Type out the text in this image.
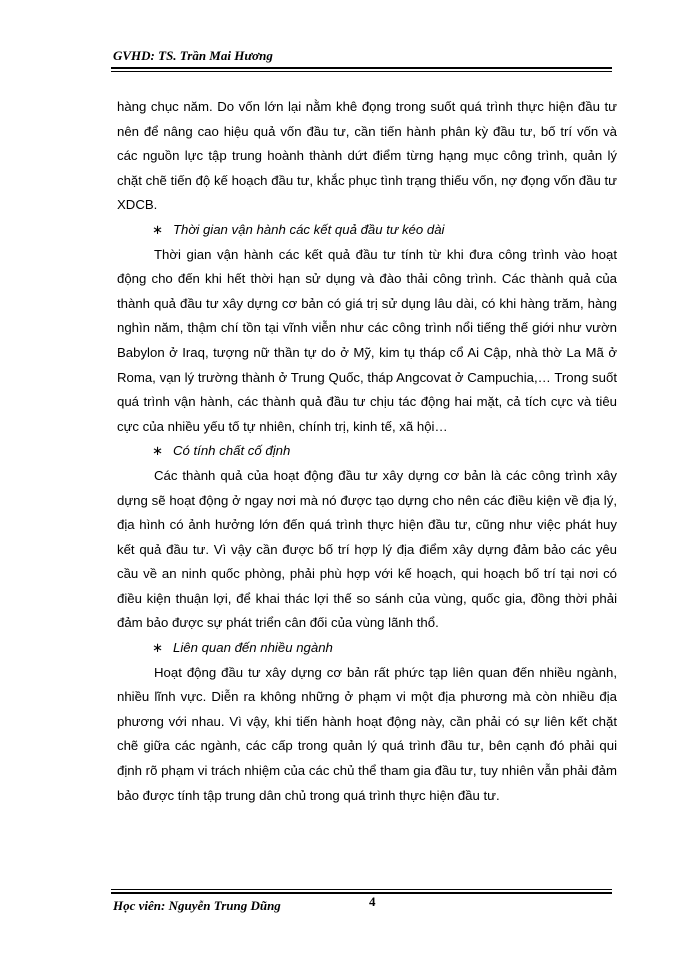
GVHD: TS. Trần Mai Hương

hàng chục năm. Do vốn lớn lại nằm khê đọng trong suốt quá trình thực hiện đầu tư nên để nâng cao hiệu quả vốn đầu tư, cần tiến hành phân kỳ đầu tư, bố trí vốn và các nguồn lực tập trung hoành thành dứt điểm từng hạng mục công trình, quản lý chặt chẽ tiến độ kế hoạch đầu tư, khắc phục tình trạng thiếu vốn, nợ đọng vốn đầu tư XDCB.

∗ Thời gian vận hành các kết quả đầu tư kéo dài

Thời gian vận hành các kết quả đầu tư tính từ khi đưa công trình vào hoạt động cho đến khi hết thời hạn sử dụng và đào thải công trình. Các thành quả của thành quả đầu tư xây dựng cơ bản có giá trị sử dụng lâu dài, có khi hàng trăm, hàng nghìn năm, thậm chí tồn tại vĩnh viễn như các công trình nổi tiếng thế giới như vườn Babylon ở Iraq, tượng nữ thần tự do ở Mỹ, kim tụ tháp cổ Ai Cập, nhà thờ La Mã ở Roma, vạn lý trường thành ở Trung Quốc, tháp Angcovat ở Campuchia,… Trong suốt quá trình vận hành, các thành quả đầu tư chịu tác động hai mặt, cả tích cực và tiêu cực của nhiều yếu tố tự nhiên, chính trị, kinh tế, xã hội…

∗ Có tính chất cố định

Các thành quả của hoạt động đầu tư xây dựng cơ bản là các công trình xây dựng sẽ hoạt động ở ngay nơi mà nó được tạo dựng cho nên các điều kiện về địa lý, địa hình có ảnh hưởng lớn đến quá trình thực hiện đầu tư, cũng như việc phát huy kết quả đầu tư. Vì vậy cần được bố trí hợp lý địa điểm xây dựng đảm bảo các yêu cầu về an ninh quốc phòng, phải phù hợp với kế hoạch, qui hoạch bố trí tại nơi có điều kiện thuận lợi, để khai thác lợi thế so sánh của vùng, quốc gia, đồng thời phải đảm bảo được sự phát triển cân đối của vùng lãnh thổ.

∗ Liên quan đến nhiều ngành

Hoạt động đầu tư xây dựng cơ bản rất phức tạp liên quan đến nhiều ngành, nhiều lĩnh vực. Diễn ra không những ở phạm vi một địa phương mà còn nhiều địa phương với nhau. Vì vậy, khi tiến hành hoạt động này, cần phải có sự liên kết chặt chẽ giữa các ngành, các cấp trong quản lý quá trình đầu tư, bên cạnh đó phải qui định rõ phạm vi trách nhiệm của các chủ thể tham gia đầu tư, tuy nhiên vẫn phải đảm bảo được tính tập trung dân chủ trong quá trình thực hiện đầu tư.

Học viên: Nguyễn Trung Dũng	4
